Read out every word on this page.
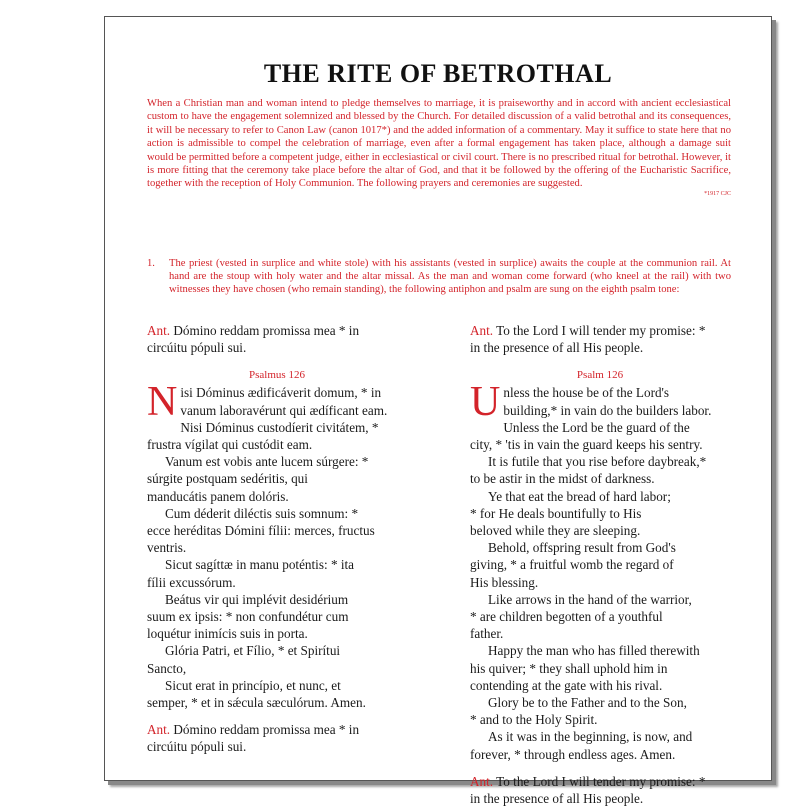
THE RITE OF BETROTHAL

When a Christian man and woman intend to pledge themselves to marriage, it is praiseworthy and in accord with ancient ecclesiastical custom to have the engagement solemnized and blessed by the Church. For detailed discussion of a valid betrothal and its consequences, it will be necessary to refer to Canon Law (canon 1017*) and the added information of a commentary. May it suffice to state here that no action is admissible to compel the celebration of marriage, even after a formal engagement has taken place, although a damage suit would be permitted before a competent judge, either in ecclesiastical or civil court. There is no prescribed ritual for betrothal. However, it is more fitting that the ceremony take place before the altar of God, and that it be followed by the offering of the Eucharistic Sacrifice, together with the reception of Holy Communion. The following prayers and ceremonies are suggested.
*1917 CJC

1.	The priest (vested in surplice and white stole) with his assistants (vested in surplice) awaits the couple at the communion rail. At hand are the stoup with holy water and the altar missal. As the man and woman come forward (who kneel at the rail) with two witnesses they have chosen (who remain standing), the following antiphon and psalm are sung on the eighth psalm tone:

Ant. Dómino reddam promissa mea * in
circúitu pópuli sui.

Psalmus 126

N isi Dóminus ædificáverit domum, * in
vanum laboravérunt qui ædíficant eam.

Nisi Dóminus custodíerit civitátem, *
frustra vígilat qui custódit eam.

Vanum est vobis ante lucem súrgere: *
súrgite postquam sedéritis, qui
manducátis panem dolóris.

Cum déderit diléctis suis somnum: *
ecce heréditas Dómini fílii: merces, fructus
ventris.

Sicut sagíttæ in manu poténtis: * ita
fílii excussórum.

Beátus vir qui implévit desidérium
suum ex ipsis: * non confundétur cum
loquétur inimícis suis in porta.

Glória Patri, et Fílio, * et Spirítui
Sancto,

Sicut erat in princípio, et nunc, et
semper, * et in sǽcula sæculórum. Amen.

Ant. Dómino reddam promissa mea * in
circúitu pópuli sui.

Ant. To the Lord I will tender my promise: *
in the presence of all His people.

Psalm 126

U nless the house be of the Lord's
building,* in vain do the builders labor.

Unless the Lord be the guard of the
city, * 'tis in vain the guard keeps his sentry.

It is futile that you rise before daybreak,*
to be astir in the midst of darkness.

Ye that eat the bread of hard labor;
* for He deals bountifully to His
beloved while they are sleeping.

Behold, offspring result from God's
giving, * a fruitful womb the regard of
His blessing.

Like arrows in the hand of the warrior,
* are children begotten of a youthful
father.

Happy the man who has filled therewith
his quiver; * they shall uphold him in
contending at the gate with his rival.

Glory be to the Father and to the Son,
* and to the Holy Spirit.

As it was in the beginning, is now, and
forever, * through endless ages. Amen.

Ant. To the Lord I will tender my promise: *
in the presence of all His people.
